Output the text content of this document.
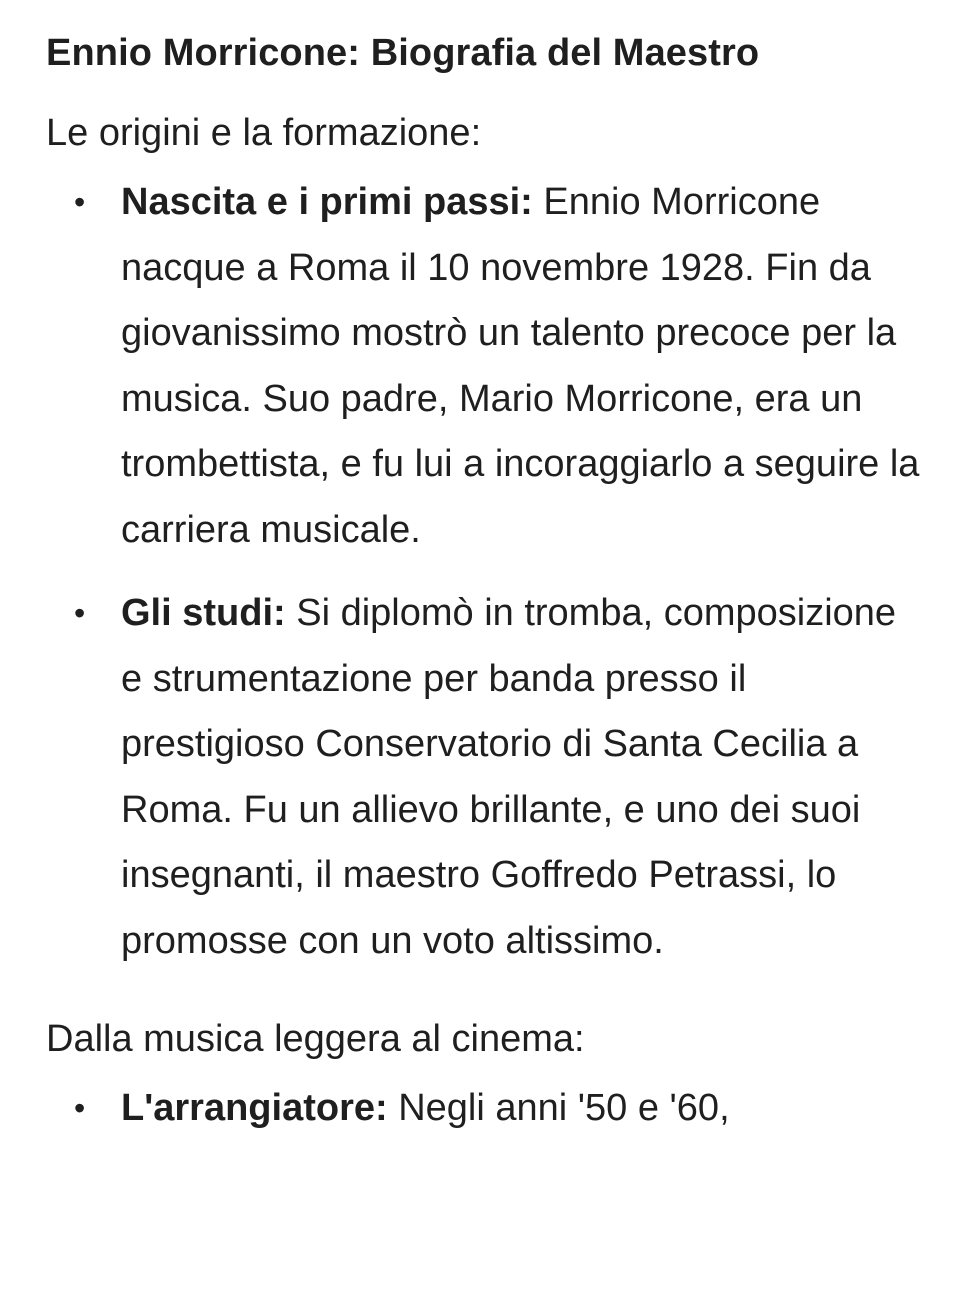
Ennio Morricone: Biografia del Maestro
Le origini e la formazione:
• Nascita e i primi passi: Ennio Morricone nacque a Roma il 10 novembre 1928. Fin da giovanissimo mostrò un talento precoce per la musica. Suo padre, Mario Morricone, era un trombettista, e fu lui a incoraggiarlo a seguire la carriera musicale.
• Gli studi: Si diplomò in tromba, composizione e strumentazione per banda presso il prestigioso Conservatorio di Santa Cecilia a Roma. Fu un allievo brillante, e uno dei suoi insegnanti, il maestro Goffredo Petrassi, lo promosse con un voto altissimo.
Dalla musica leggera al cinema:
• L'arrangiatore: Negli anni '50 e '60,
